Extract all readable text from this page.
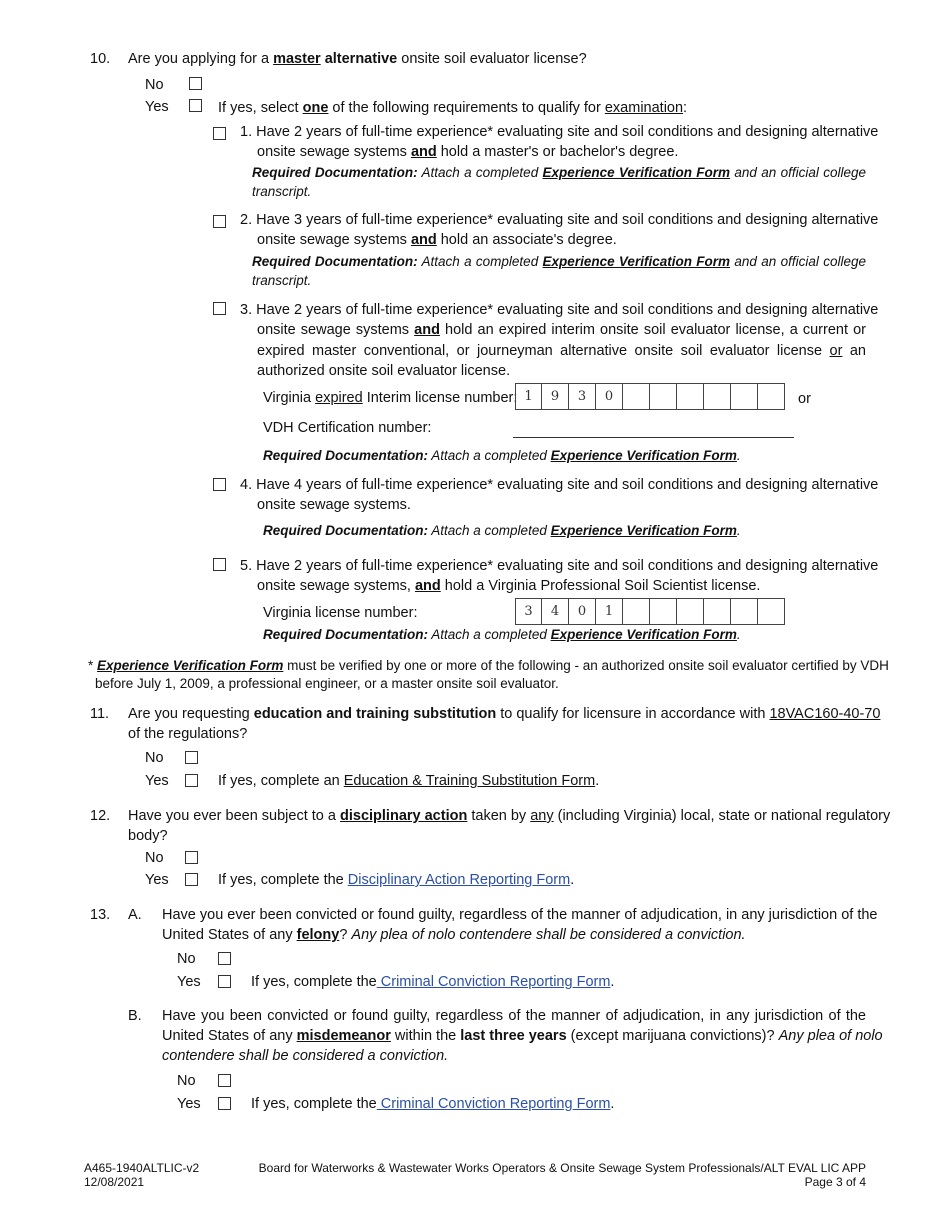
10. Are you applying for a master alternative onsite soil evaluator license?
No
Yes	If yes, select one of the following requirements to qualify for examination:
1. Have 2 years of full-time experience* evaluating site and soil conditions and designing alternative
onsite sewage systems and hold a master's or bachelor's degree.
Required Documentation: Attach a completed Experience Verification Form and an official college
transcript.
2. Have 3 years of full-time experience* evaluating site and soil conditions and designing alternative
onsite sewage systems and hold an associate's degree.
Required Documentation: Attach a completed Experience Verification Form and an official college
transcript.
3. Have 2 years of full-time experience* evaluating site and soil conditions and designing alternative
onsite sewage systems and hold an expired interim onsite soil evaluator license, a current or
expired master conventional, or journeyman alternative onsite soil evaluator license or an
authorized onsite soil evaluator license.
Virginia expired Interim license number: 1	9	3	0	or
VDH Certification number:
Required Documentation: Attach a completed Experience Verification Form.
4. Have 4 years of full-time experience* evaluating site and soil conditions and designing alternative
onsite sewage systems.
Required Documentation: Attach a completed Experience Verification Form.
5. Have 2 years of full-time experience* evaluating site and soil conditions and designing alternative
onsite sewage systems, and hold a Virginia Professional Soil Scientist license.
Virginia license number:	3	4	0	1
Required Documentation: Attach a completed Experience Verification Form.
* Experience Verification Form must be verified by one or more of the following - an authorized onsite soil evaluator certified by VDH
before July 1, 2009, a professional engineer, or a master onsite soil evaluator.
11. Are you requesting education and training substitution to qualify for licensure in accordance with 18VAC160-40-70
of the regulations?
No
Yes	If yes, complete an Education & Training Substitution Form.
12. Have you ever been subject to a disciplinary action taken by any (including Virginia) local, state or national regulatory
body?
No
Yes	If yes, complete the Disciplinary Action Reporting Form.
13. A. Have you ever been convicted or found guilty, regardless of the manner of adjudication, in any jurisdiction of the
United States of any felony? Any plea of nolo contendere shall be considered a conviction.
No
Yes	If yes, complete the Criminal Conviction Reporting Form.
B. Have you been convicted or found guilty, regardless of the manner of adjudication, in any jurisdiction of the
United States of any misdemeanor within the last three years (except marijuana convictions)? Any plea of nolo
contendere shall be considered a conviction.
No
Yes	If yes, complete the Criminal Conviction Reporting Form.
A465-1940ALTLIC-v2
12/08/2021
Board for Waterworks & Wastewater Works Operators & Onsite Sewage System Professionals/ALT EVAL LIC APP
Page 3 of 4
